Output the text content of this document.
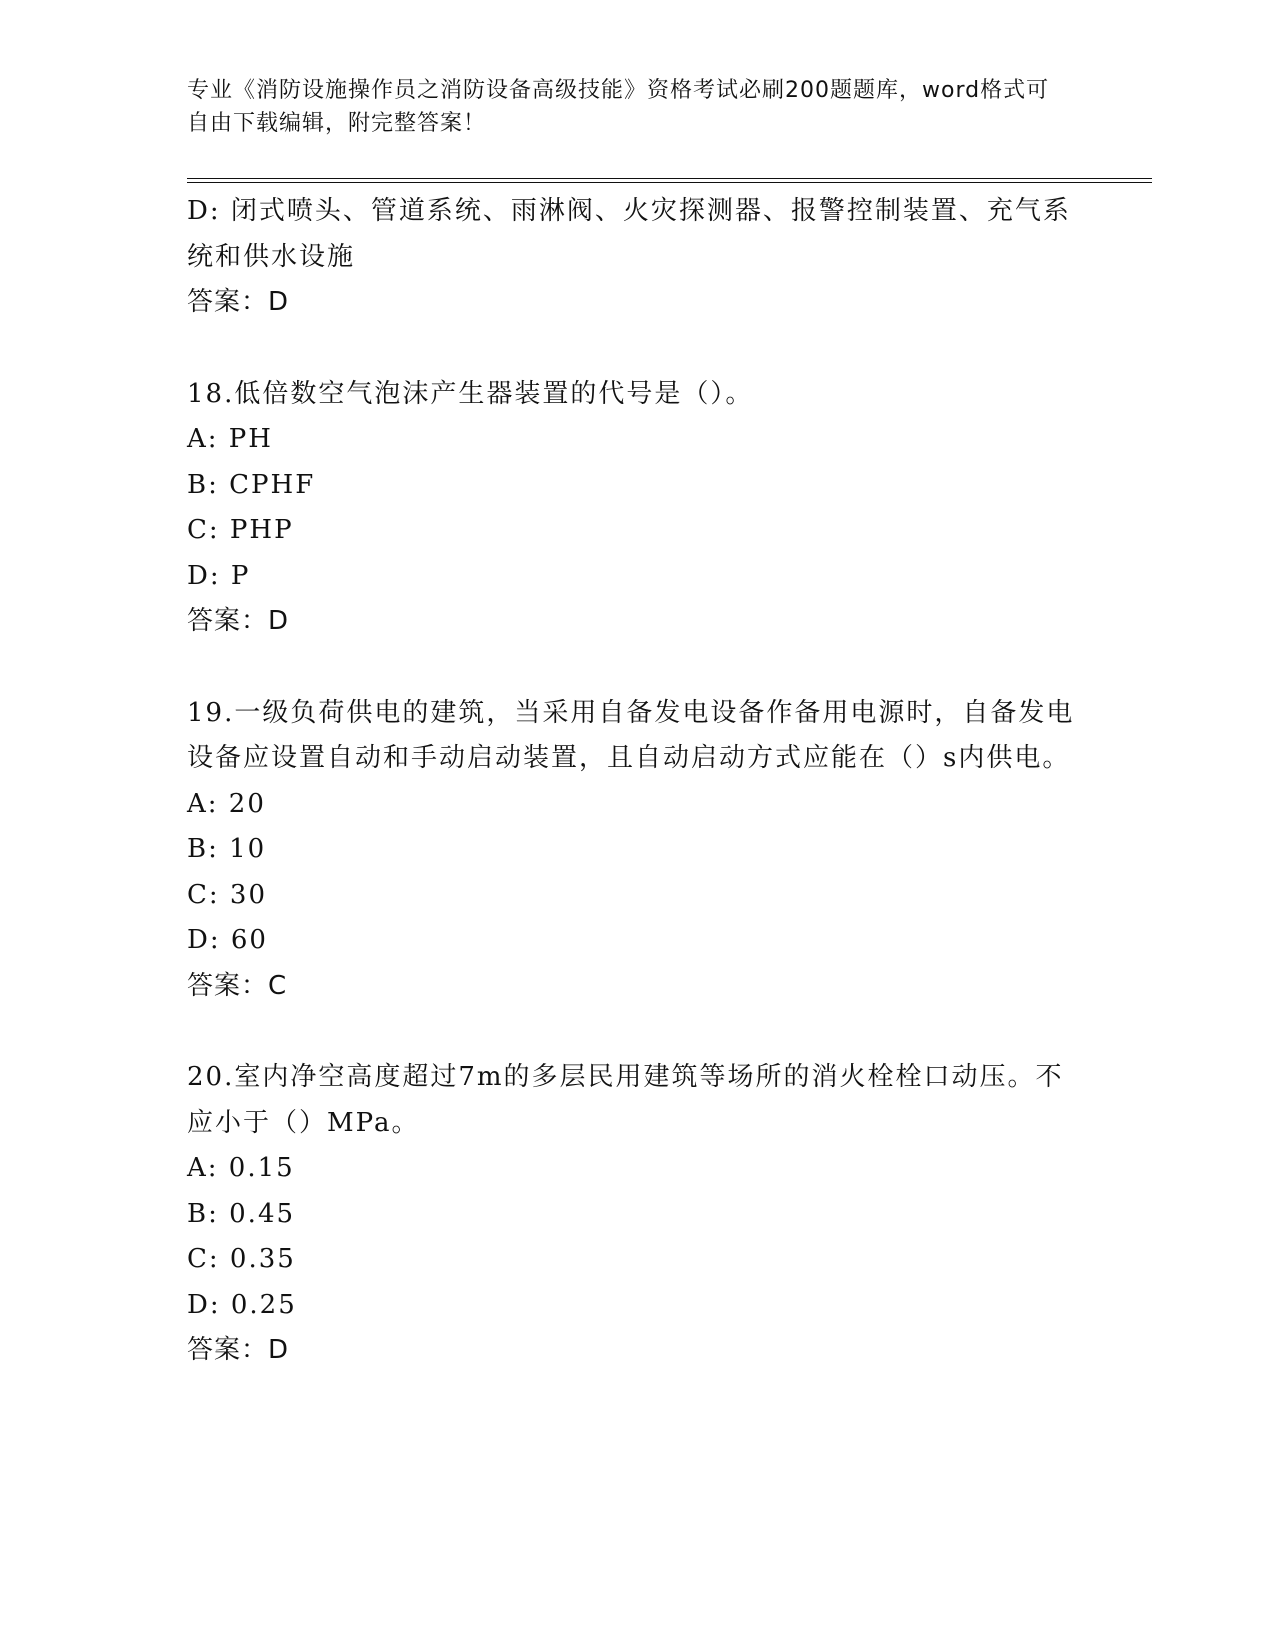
专业《消防设施操作员之消防设备高级技能》资格考试必刷200题题库，word格式可自由下载编辑，附完整答案！
D: 闭式喷头、管道系统、雨淋阀、火灾探测器、报警控制装置、充气系统和供水设施
答案：D
18.低倍数空气泡沫产生器装置的代号是（）。
A: PH
B: CPHF
C: PHP
D: P
答案：D
19.一级负荷供电的建筑，当采用自备发电设备作备用电源时，自备发电设备应设置自动和手动启动装置，且自动启动方式应能在（）s内供电。
A: 20
B: 10
C: 30
D: 60
答案：C
20.室内净空高度超过7m的多层民用建筑等场所的消火栓栓口动压。不应小于（）MPa。
A: 0.15
B: 0.45
C: 0.35
D: 0.25
答案：D
